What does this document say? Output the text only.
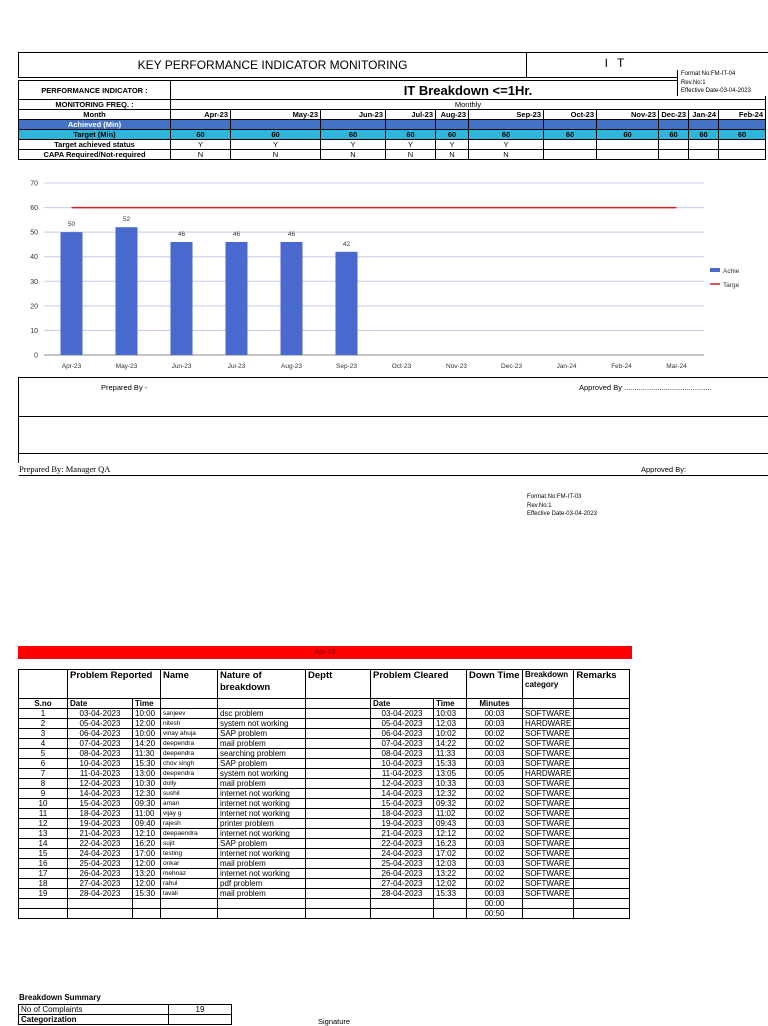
KEY PERFORMANCE INDICATOR MONITORING	I T
PERFORMANCE INDICATOR :	IT Breakdown <=1Hr.										
MONITORING FREQ. :	Monthly										
Month	Apr-23	May-23	Jun-23	Jul-23	Aug-23	Sep-23	Oct-23	Nov-23	Dec-23	Jan-24	Feb-24
Achieved (Min)											
Target (Min)	60	60	60	60	60	60	60	60	60	60	60
Target achieved status	Y	Y	Y	Y	Y	Y					
CAPA Required/Not-required	N	N	N	N	N	N					
Format No:FM-IT-04
Rev.No:1
Effective Date-03-04-2023
0
10
20
30
40
50
60
70
50
52
46	46	46
42
Apr-23	May-23	Jun-23	Jul-23	Aug-23	Sep-23	Oct-23	Nov-23	Dec-23	Jan-24	Feb-24	Mar-24
Achie
Targe
Prepared By -	Approved By ..........................................
Prepared By: Manager QA	Approved By:
Format No:FM-IT-03
Rev.No:1
Effective Date-03-04-2023
Apr-23
	Problem Reported		Name	Nature of breakdown	Deptt	Problem Cleared		Down Time	Breakdown category	Remarks
S.no	Date	Time				Date	Time	Minutes		
1	03-04-2023	10:00	sanjeev	dsc problem		03-04-2023	10:03	00:03	SOFTWARE	
2	05-04-2023	12:00	nitesh	system not working		05-04-2023	12:03	00:03	HARDWARE	
3	06-04-2023	10:00	vinay ahuja	SAP problem		06-04-2023	10:02	00:02	SOFTWARE	
4	07-04-2023	14:20	deependra	mail problem		07-04-2023	14:22	00:02	SOFTWARE	
5	08-04-2023	11:30	deependra	searching problem		08-04-2023	11:33	00:03	SOFTWARE	
6	10-04-2023	15:30	chov singh	SAP problem		10-04-2023	15:33	00:03	SOFTWARE	
7	11-04-2023	13:00	deependra	system not working		11-04-2023	13:05	00:05	HARDWARE	
8	12-04-2023	10:30	dolly	mail problem		12-04-2023	10:33	00:03	SOFTWARE	
9	14-04-2023	12:30	sushil	internet not working		14-04-2023	12:32	00:02	SOFTWARE	
10	15-04-2023	09:30	aman	internet not working		15-04-2023	09:32	00:02	SOFTWARE	
11	18-04-2023	11:00	vijay g	internet not working		18-04-2023	11:02	00:02	SOFTWARE	
12	19-04-2023	09:40	rajesh	printer problem		19-04-2023	09:43	00:03	SOFTWARE	
13	21-04-2023	12:10	deepaendra	internet not working		21-04-2023	12:12	00:02	SOFTWARE	
14	22-04-2023	16:20	sujit	SAP problem		22-04-2023	16:23	00:03	SOFTWARE	
15	24-04-2023	17:00	testing	internet not working		24-04-2023	17:02	00:02	SOFTWARE	
16	25-04-2023	12:00	onkar	mail problem		25-04-2023	12:03	00:03	SOFTWARE	
17	26-04-2023	13:20	mehnaz	internet not working		26-04-2023	13:22	00:02	SOFTWARE	
18	27-04-2023	12:00	rahul	pdf problem		27-04-2023	12:02	00:02	SOFTWARE	
19	28-04-2023	15:30	lavali	mail problem		28-04-2023	15:33	00:03	SOFTWARE	
								00:00		
								00:50		
Breakdown Summary
No of Complaints	19
Categorization		Signature
